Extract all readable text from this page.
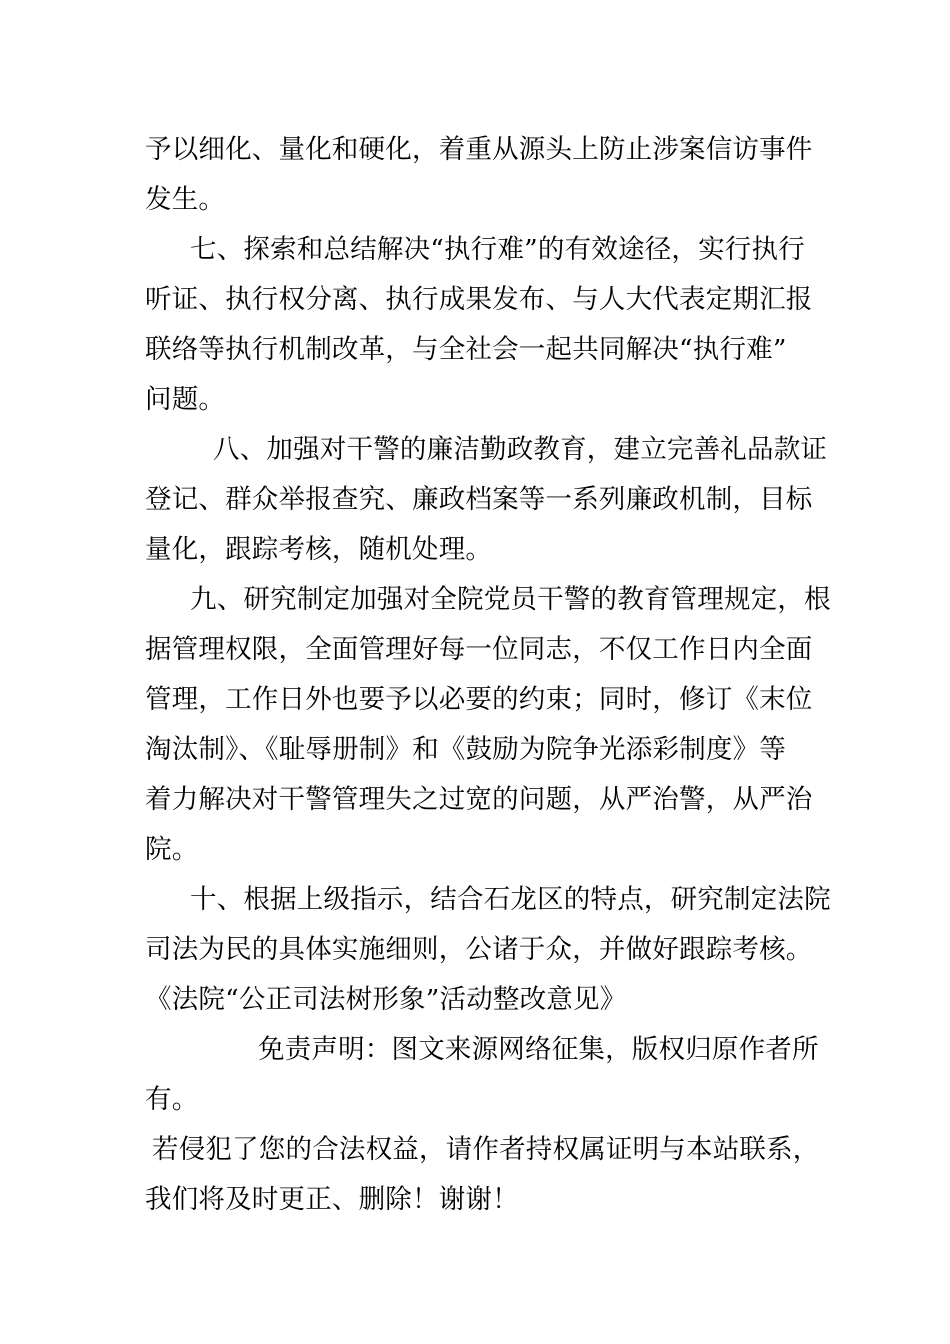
予以细化、量化和硬化，着重从源头上防止涉案信访事件
发生。
七、探索和总结解决“执行难”的有效途径，实行执行
听证、执行权分离、执行成果发布、与人大代表定期汇报
联络等执行机制改革，与全社会一起共同解决“执行难”
问题。
八、加强对干警的廉洁勤政教育，建立完善礼品款证
登记、群众举报查究、廉政档案等一系列廉政机制，目标
量化，跟踪考核，随机处理。
九、研究制定加强对全院党员干警的教育管理规定，根
据管理权限，全面管理好每一位同志，不仅工作日内全面
管理，工作日外也要予以必要的约束；同时，修订《末位
淘汰制》、《耻辱册制》和《鼓励为院争光添彩制度》等
着力解决对干警管理失之过宽的问题，从严治警，从严治
院。
十、根据上级指示，结合石龙区的特点，研究制定法院
司法为民的具体实施细则，公诸于众，并做好跟踪考核。
《法院“公正司法树形象”活动整改意见》
免责声明：图文来源网络征集，版权归原作者所
有。
若侵犯了您的合法权益，请作者持权属证明与本站联系，
我们将及时更正、删除！谢谢！
